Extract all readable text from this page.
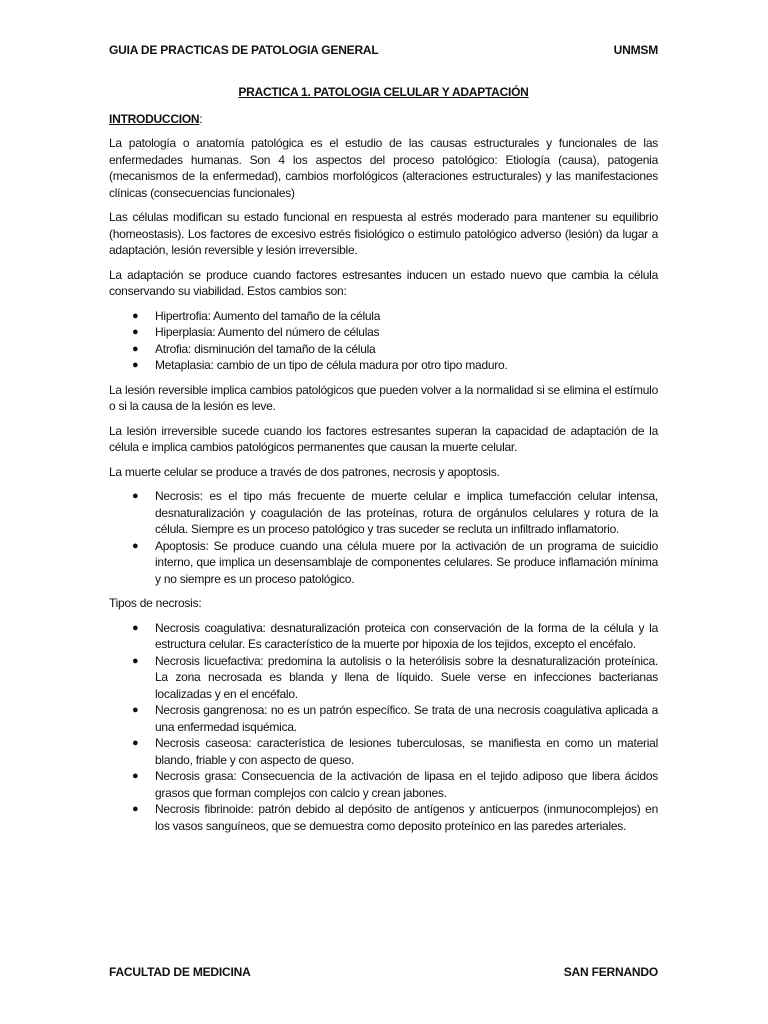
GUIA DE PRACTICAS DE PATOLOGIA GENERAL	UNMSM
PRACTICA 1. PATOLOGIA CELULAR Y ADAPTACIÓN
INTRODUCCION:

La patología o anatomía patológica es el estudio de las causas estructurales y funcionales de las enfermedades humanas. Son 4 los aspectos del proceso patológico: Etiología (causa), patogenia (mecanismos de la enfermedad), cambios morfológicos (alteraciones estructurales) y las manifestaciones clínicas (consecuencias funcionales)

Las células modifican su estado funcional en respuesta al estrés moderado para mantener su equilibrio (homeostasis). Los factores de excesivo estrés fisiológico o estimulo patológico adverso (lesión) da lugar a adaptación, lesión reversible y lesión irreversible.

La adaptación se produce cuando factores estresantes inducen un estado nuevo que cambia la célula conservando su viabilidad. Estos cambios son:

● Hipertrofia: Aumento del tamaño de la célula
● Hiperplasia: Aumento del número de células
● Atrofia: disminución del tamaño de la célula
● Metaplasia: cambio de un tipo de célula madura por otro tipo maduro.

La lesión reversible implica cambios patológicos que pueden volver a la normalidad si se elimina el estímulo o si la causa de la lesión es leve.

La lesión irreversible sucede cuando los factores estresantes superan la capacidad de adaptación de la célula e implica cambios patológicos permanentes que causan la muerte celular.

La muerte celular se produce a través de dos patrones, necrosis y apoptosis.

● Necrosis: es el tipo más frecuente de muerte celular e implica tumefacción celular intensa, desnaturalización y coagulación de las proteínas, rotura de orgánulos celulares y rotura de la célula. Siempre es un proceso patológico y tras suceder se recluta un infiltrado inflamatorio.
● Apoptosis: Se produce cuando una célula muere por la activación de un programa de suicidio interno, que implica un desensamblaje de componentes celulares. Se produce inflamación mínima y no siempre es un proceso patológico.

Tipos de necrosis:

● Necrosis coagulativa: desnaturalización proteica con conservación de la forma de la célula y la estructura celular. Es característico de la muerte por hipoxia de los tejidos, excepto el encéfalo.
● Necrosis licuefactiva: predomina la autolisis o la heterólisis sobre la desnaturalización proteínica. La zona necrosada es blanda y llena de líquido. Suele verse en infecciones bacterianas localizadas y en el encéfalo.
● Necrosis gangrenosa: no es un patrón específico. Se trata de una necrosis coagulativa aplicada a una enfermedad isquémica.
● Necrosis caseosa: característica de lesiones tuberculosas, se manifiesta en como un material blando, friable y con aspecto de queso.
● Necrosis grasa: Consecuencia de la activación de lipasa en el tejido adiposo que libera ácidos grasos que forman complejos con calcio y crean jabones.
● Necrosis fibrinoide: patrón debido al depósito de antígenos y anticuerpos (inmunocomplejos) en los vasos sanguíneos, que se demuestra como deposito proteínico en las paredes arteriales.
FACULTAD DE MEDICINA	SAN FERNANDO
